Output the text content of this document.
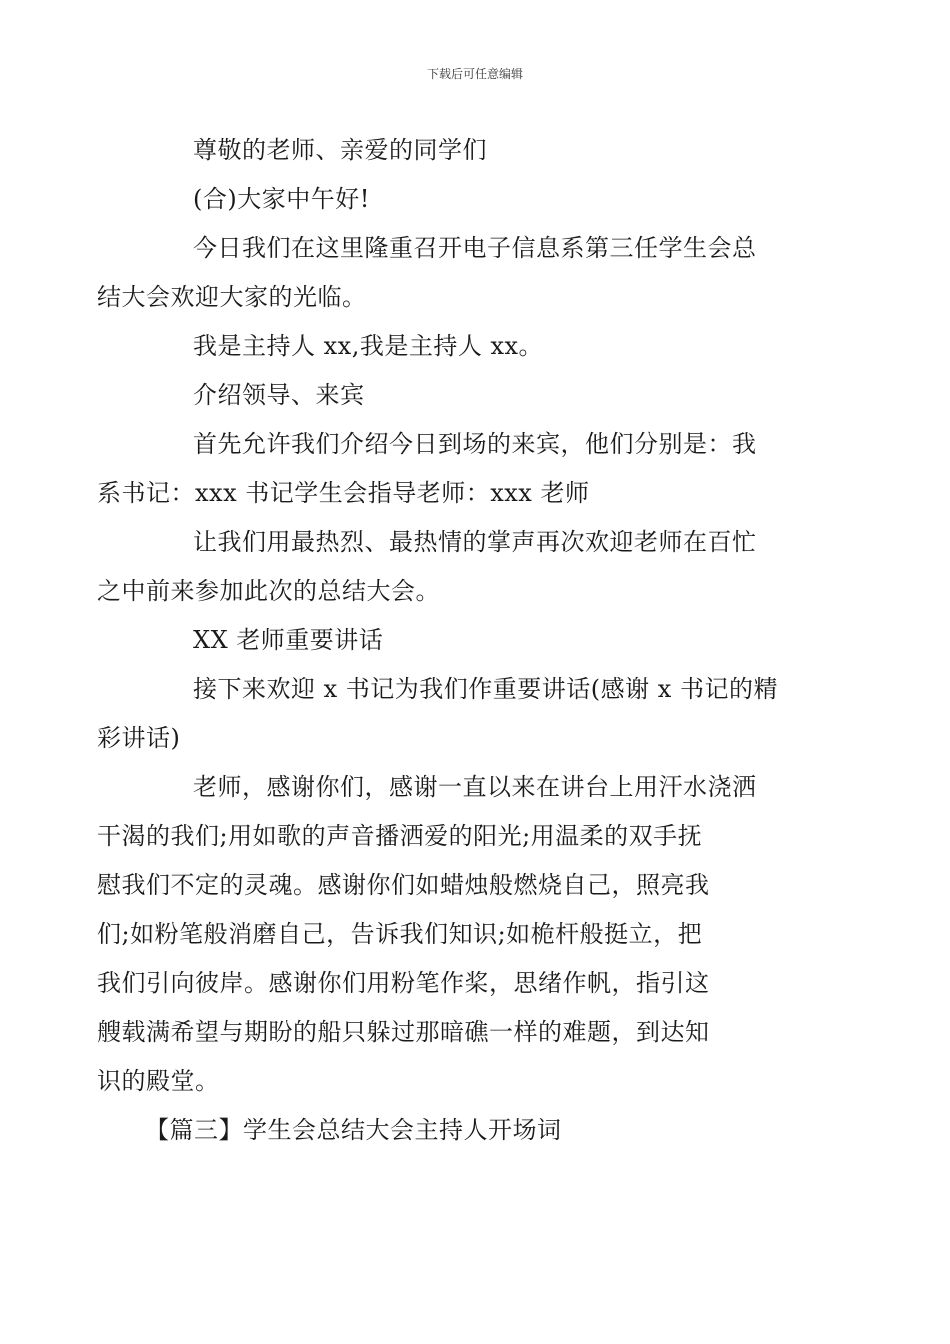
下载后可任意编辑

尊敬的老师、亲爱的同学们

(合)大家中午好!

今日我们在这里隆重召开电子信息系第三任学生会总
结大会欢迎大家的光临。

我是主持人 xx,我是主持人 xx。

介绍领导、来宾

首先允许我们介绍今日到场的来宾，他们分别是：我
系书记：xxx 书记学生会指导老师：xxx 老师

让我们用最热烈、最热情的掌声再次欢迎老师在百忙
之中前来参加此次的总结大会。

XX 老师重要讲话

接下来欢迎 x 书记为我们作重要讲话(感谢 x 书记的精
彩讲话)

老师，感谢你们，感谢一直以来在讲台上用汗水浇洒
干渴的我们;用如歌的声音播洒爱的阳光;用温柔的双手抚
慰我们不定的灵魂。感谢你们如蜡烛般燃烧自己，照亮我
们;如粉笔般消磨自己，告诉我们知识;如桅杆般挺立，把
我们引向彼岸。感谢你们用粉笔作桨，思绪作帆，指引这
艘载满希望与期盼的船只躲过那暗礁一样的难题，到达知
识的殿堂。

【篇三】学生会总结大会主持人开场词
